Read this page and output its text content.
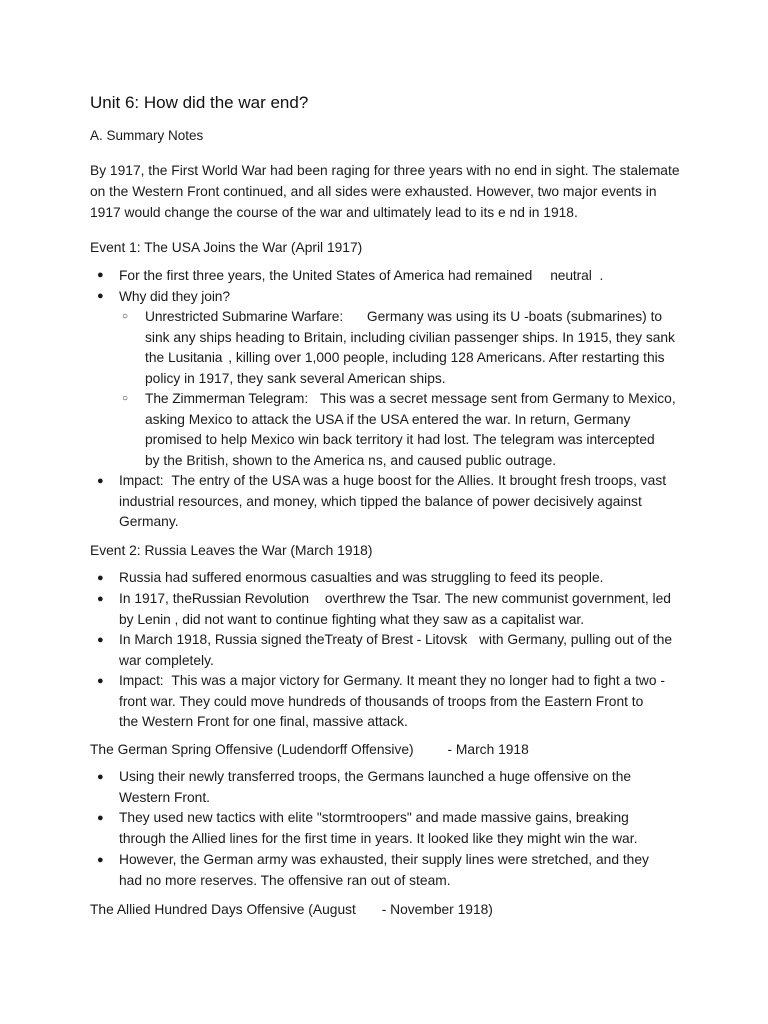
Unit 6: How did the war end?
A. Summary Notes
By 1917, the First World War had been raging for three years with no end in sight. The stalemate
on the Western Front continued, and all sides were exhausted. However, two major events in
1917 would change the course of the war and ultimately lead to its e nd in 1918.
Event 1: The USA Joins the War (April 1917)
● For the first three years, the United States of America had remained neutral .
● Why did they join?
○ Unrestricted Submarine Warfare: Germany was using its U -boats (submarines) to
sink any ships heading to Britain, including civilian passenger ships. In 1915, they sank
the Lusitania , killing over 1,000 people, including 128 Americans. After restarting this
policy in 1917, they sank several American ships.
○ The Zimmerman Telegram: This was a secret message sent from Germany to Mexico,
asking Mexico to attack the USA if the USA entered the war. In return, Germany
promised to help Mexico win back territory it had lost. The telegram was intercepted
by the British, shown to the America ns, and caused public outrage.
● Impact: The entry of the USA was a huge boost for the Allies. It brought fresh troops, vast
industrial resources, and money, which tipped the balance of power decisively against
Germany.
Event 2: Russia Leaves the War (March 1918)
● Russia had suffered enormous casualties and was struggling to feed its people.
● In 1917, theRussian Revolution overthrew the Tsar. The new communist government, led
by Lenin , did not want to continue fighting what they saw as a capitalist war.
● In March 1918, Russia signed theTreaty of Brest - Litovsk with Germany, pulling out of the
war completely.
● Impact: This was a major victory for Germany. It meant they no longer had to fight a two -
front war. They could move hundreds of thousands of troops from the Eastern Front to
the Western Front for one final, massive attack.
The German Spring Offensive (Ludendorff Offensive) - March 1918
● Using their newly transferred troops, the Germans launched a huge offensive on the
Western Front.
● They used new tactics with elite "stormtroopers" and made massive gains, breaking
through the Allied lines for the first time in years. It looked like they might win the war.
● However, the German army was exhausted, their supply lines were stretched, and they
had no more reserves. The offensive ran out of steam.
The Allied Hundred Days Offensive (August - November 1918)
